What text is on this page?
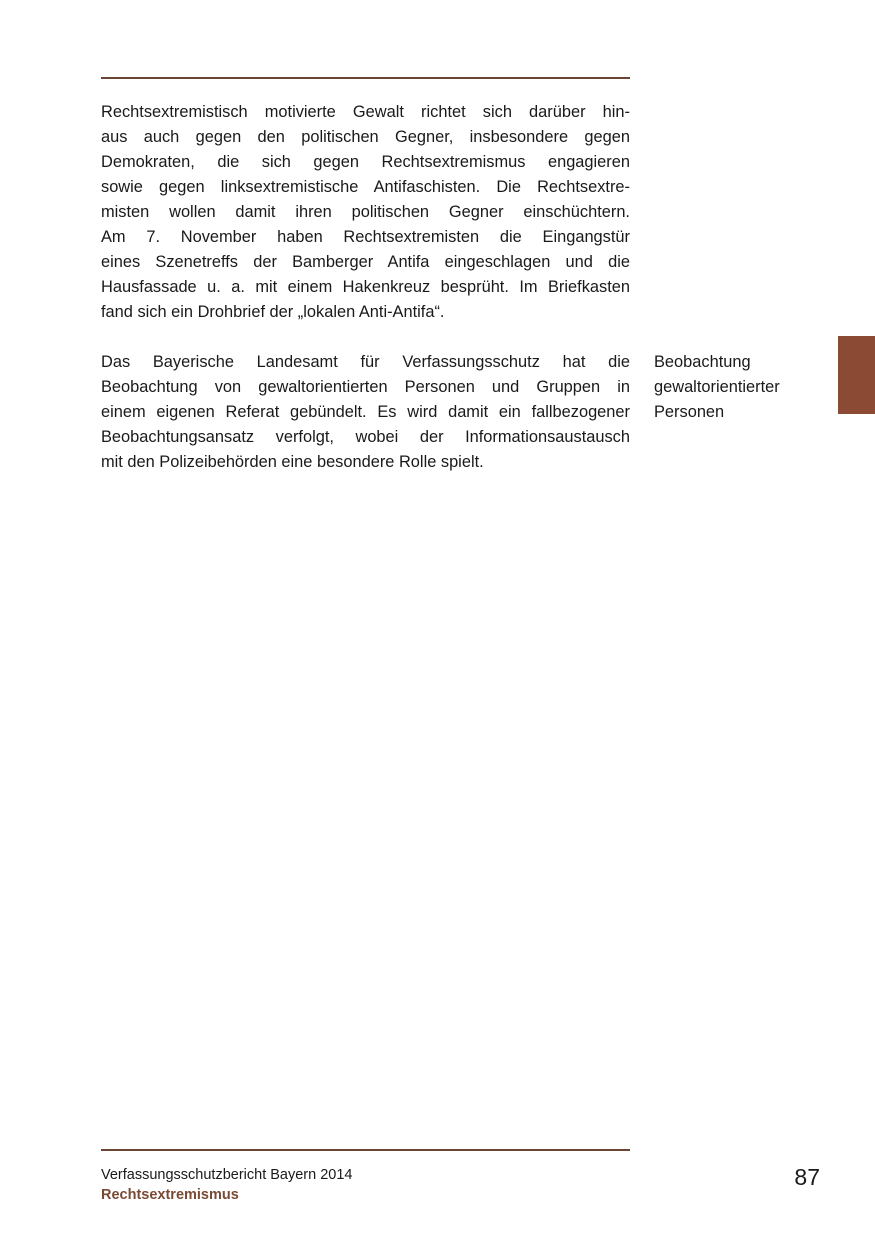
Rechtsextremistisch motivierte Gewalt richtet sich darüber hin-
aus auch gegen den politischen Gegner, insbesondere gegen
Demokraten, die sich gegen Rechtsextremismus engagieren
sowie gegen linksextremistische Antifaschisten. Die Rechtsextre-
misten wollen damit ihren politischen Gegner einschüchtern.
Am 7. November haben Rechtsextremisten die Eingangstür
eines Szenetreffs der Bamberger Antifa eingeschlagen und die
Hausfassade u. a. mit einem Hakenkreuz besprüht. Im Briefkasten
fand sich ein Drohbrief der „lokalen Anti-Antifa“.
Das Bayerische Landesamt für Verfassungsschutz hat die
Beobachtung von gewaltorientierten Personen und Gruppen in
einem eigenen Referat gebündelt. Es wird damit ein fallbezogener
Beobachtungsansatz verfolgt, wobei der Informationsaustausch
mit den Polizeibehörden eine besondere Rolle spielt.
Beobachtung
gewaltorientierter
Personen
Verfassungsschutzbericht Bayern 2014
Rechtsextremismus
87
